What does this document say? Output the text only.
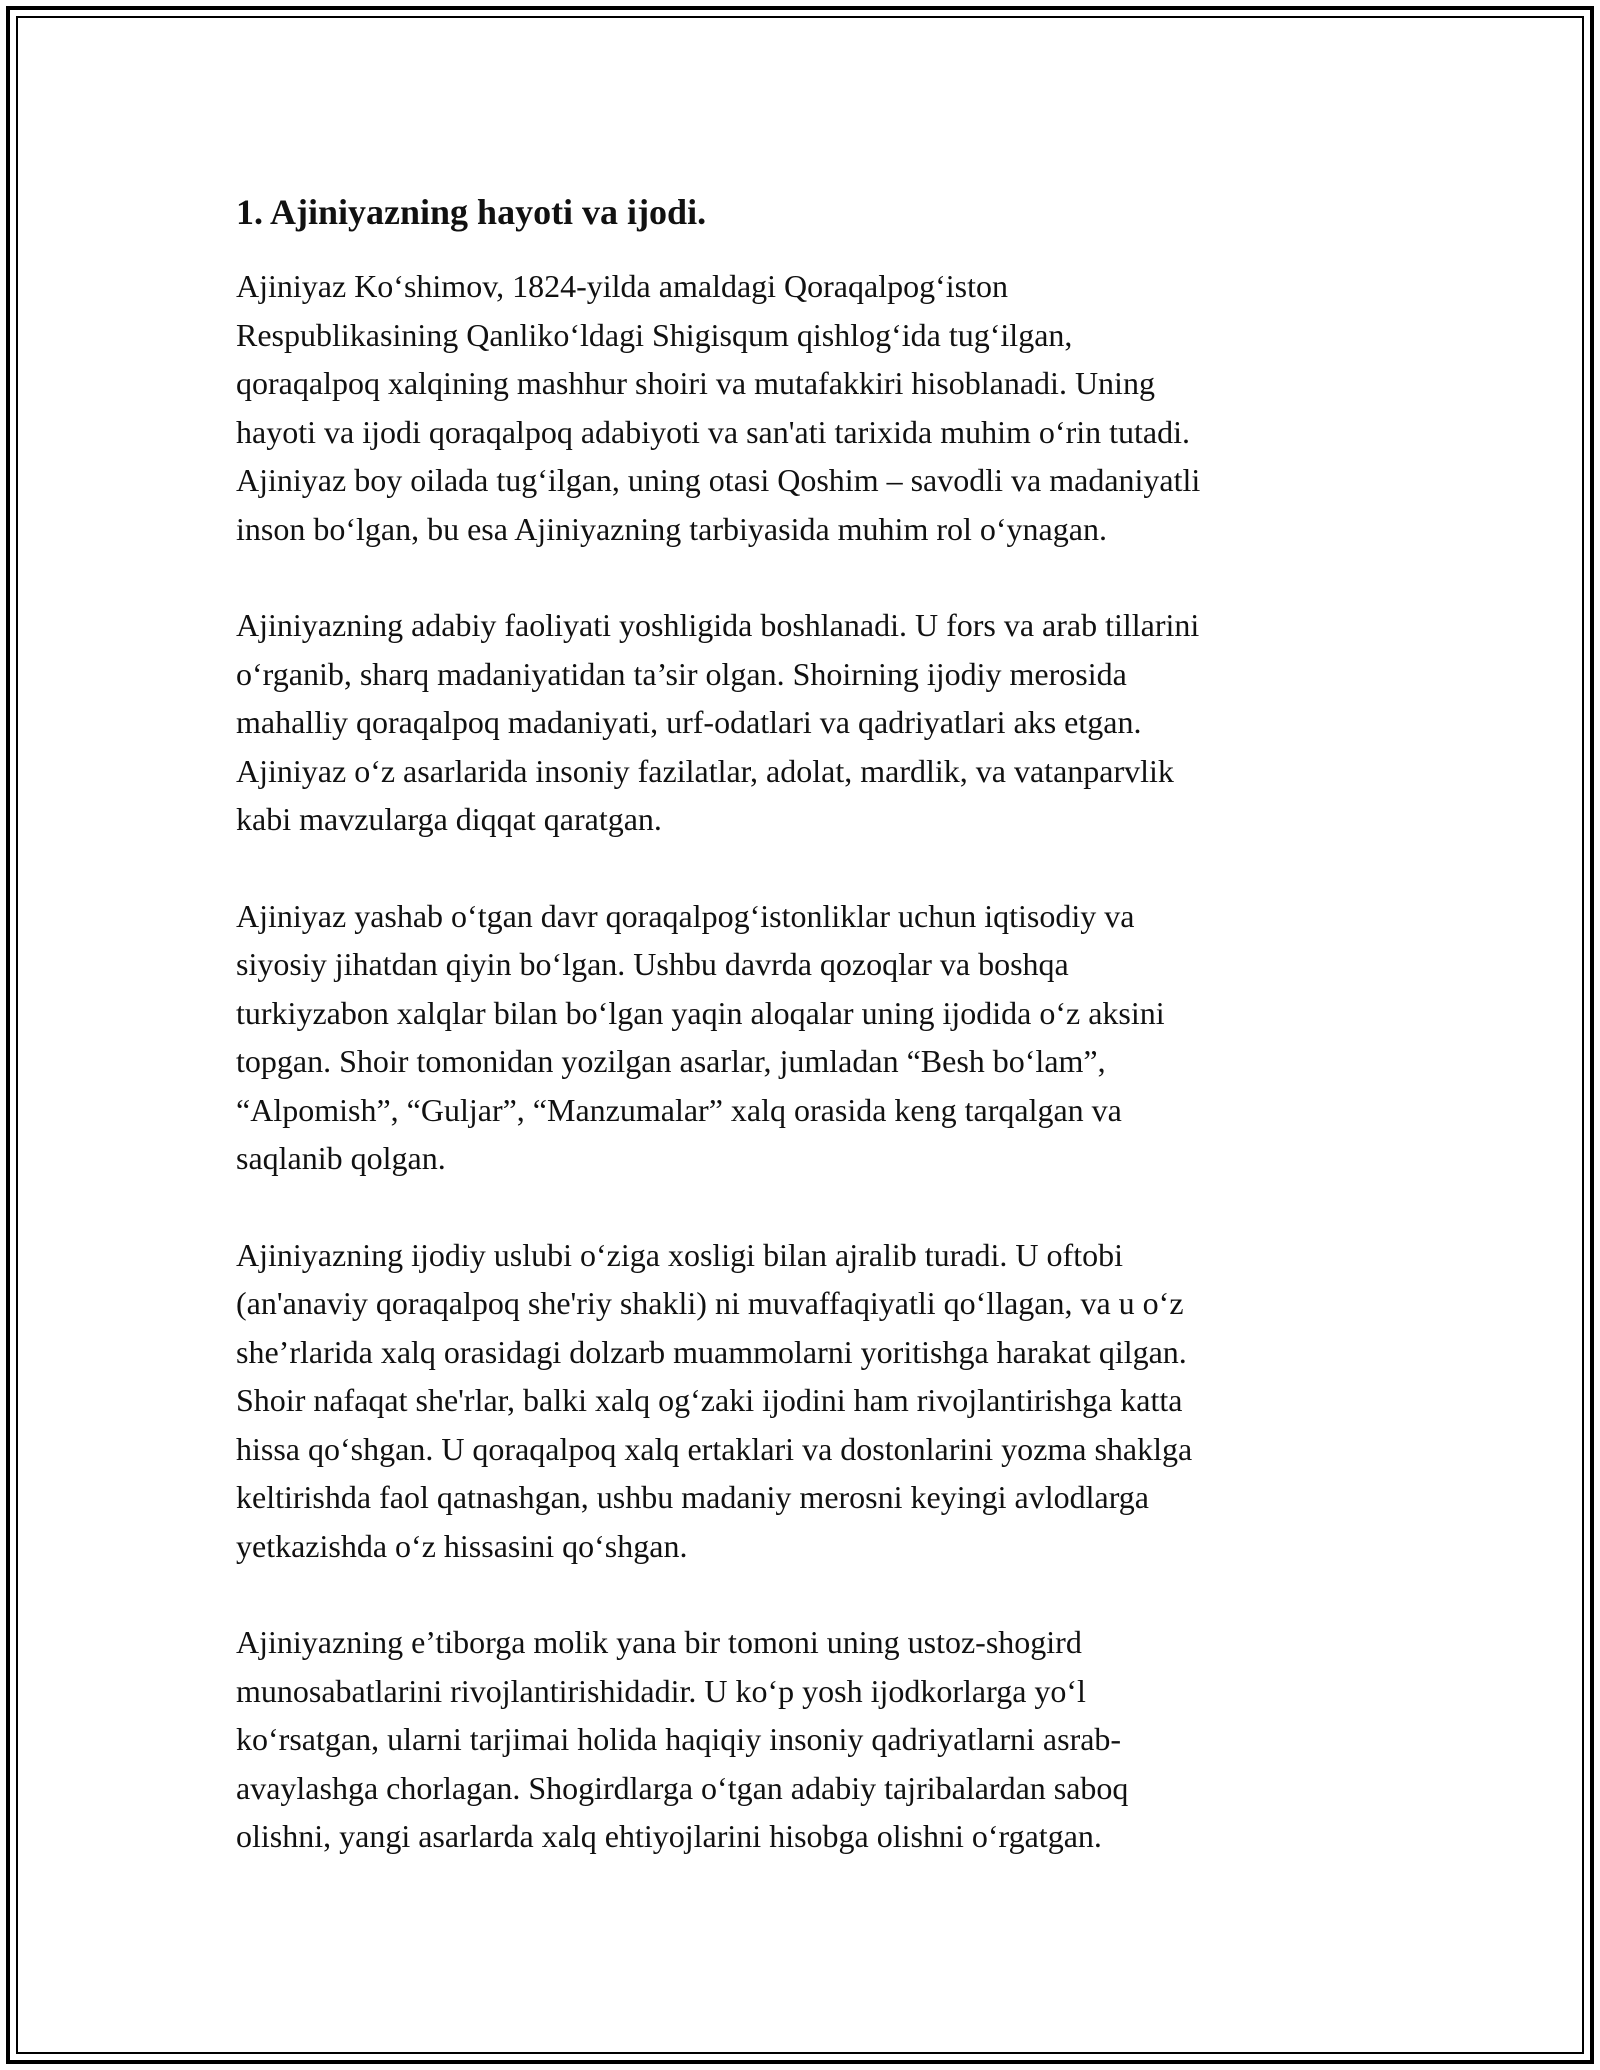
1. Ajiniyazning hayoti va ijodi.

Ajiniyaz Ko‘shimov, 1824-yilda amaldagi Qoraqalpog‘iston
Respublikasining Qanliko‘ldagi Shigisqum qishlog‘ida tug‘ilgan,
qoraqalpoq xalqining mashhur shoiri va mutafakkiri hisoblanadi. Uning
hayoti va ijodi qoraqalpoq adabiyoti va san'ati tarixida muhim o‘rin tutadi.
Ajiniyaz boy oilada tug‘ilgan, uning otasi Qoshim – savodli va madaniyatli
inson bo‘lgan, bu esa Ajiniyazning tarbiyasida muhim rol o‘ynagan.

Ajiniyazning adabiy faoliyati yoshligida boshlanadi. U fors va arab tillarini
o‘rganib, sharq madaniyatidan ta’sir olgan. Shoirning ijodiy merosida
mahalliy qoraqalpoq madaniyati, urf-odatlari va qadriyatlari aks etgan.
Ajiniyaz o‘z asarlarida insoniy fazilatlar, adolat, mardlik, va vatanparvlik
kabi mavzularga diqqat qaratgan.

Ajiniyaz yashab o‘tgan davr qoraqalpog‘istonliklar uchun iqtisodiy va
siyosiy jihatdan qiyin bo‘lgan. Ushbu davrda qozoqlar va boshqa
turkiyzabon xalqlar bilan bo‘lgan yaqin aloqalar uning ijodida o‘z aksini
topgan. Shoir tomonidan yozilgan asarlar, jumladan “Besh bo‘lam”,
“Alpomish”, “Guljar”, “Manzumalar” xalq orasida keng tarqalgan va
saqlanib qolgan.

Ajiniyazning ijodiy uslubi o‘ziga xosligi bilan ajralib turadi. U oftobi
(an'anaviy qoraqalpoq she'riy shakli) ni muvaffaqiyatli qo‘llagan, va u o‘z
she’rlarida xalq orasidagi dolzarb muammolarni yoritishga harakat qilgan.
Shoir nafaqat she'rlar, balki xalq og‘zaki ijodini ham rivojlantirishga katta
hissa qo‘shgan. U qoraqalpoq xalq ertaklari va dostonlarini yozma shaklga
keltirishda faol qatnashgan, ushbu madaniy merosni keyingi avlodlarga
yetkazishda o‘z hissasini qo‘shgan.

Ajiniyazning e’tiborga molik yana bir tomoni uning ustoz-shogird
munosabatlarini rivojlantirishidadir. U ko‘p yosh ijodkorlarga yo‘l
ko‘rsatgan, ularni tarjimai holida haqiqiy insoniy qadriyatlarni asrab-
avaylashga chorlagan. Shogirdlarga o‘tgan adabiy tajribalardan saboq
olishni, yangi asarlarda xalq ehtiyojlarini hisobga olishni o‘rgatgan.
